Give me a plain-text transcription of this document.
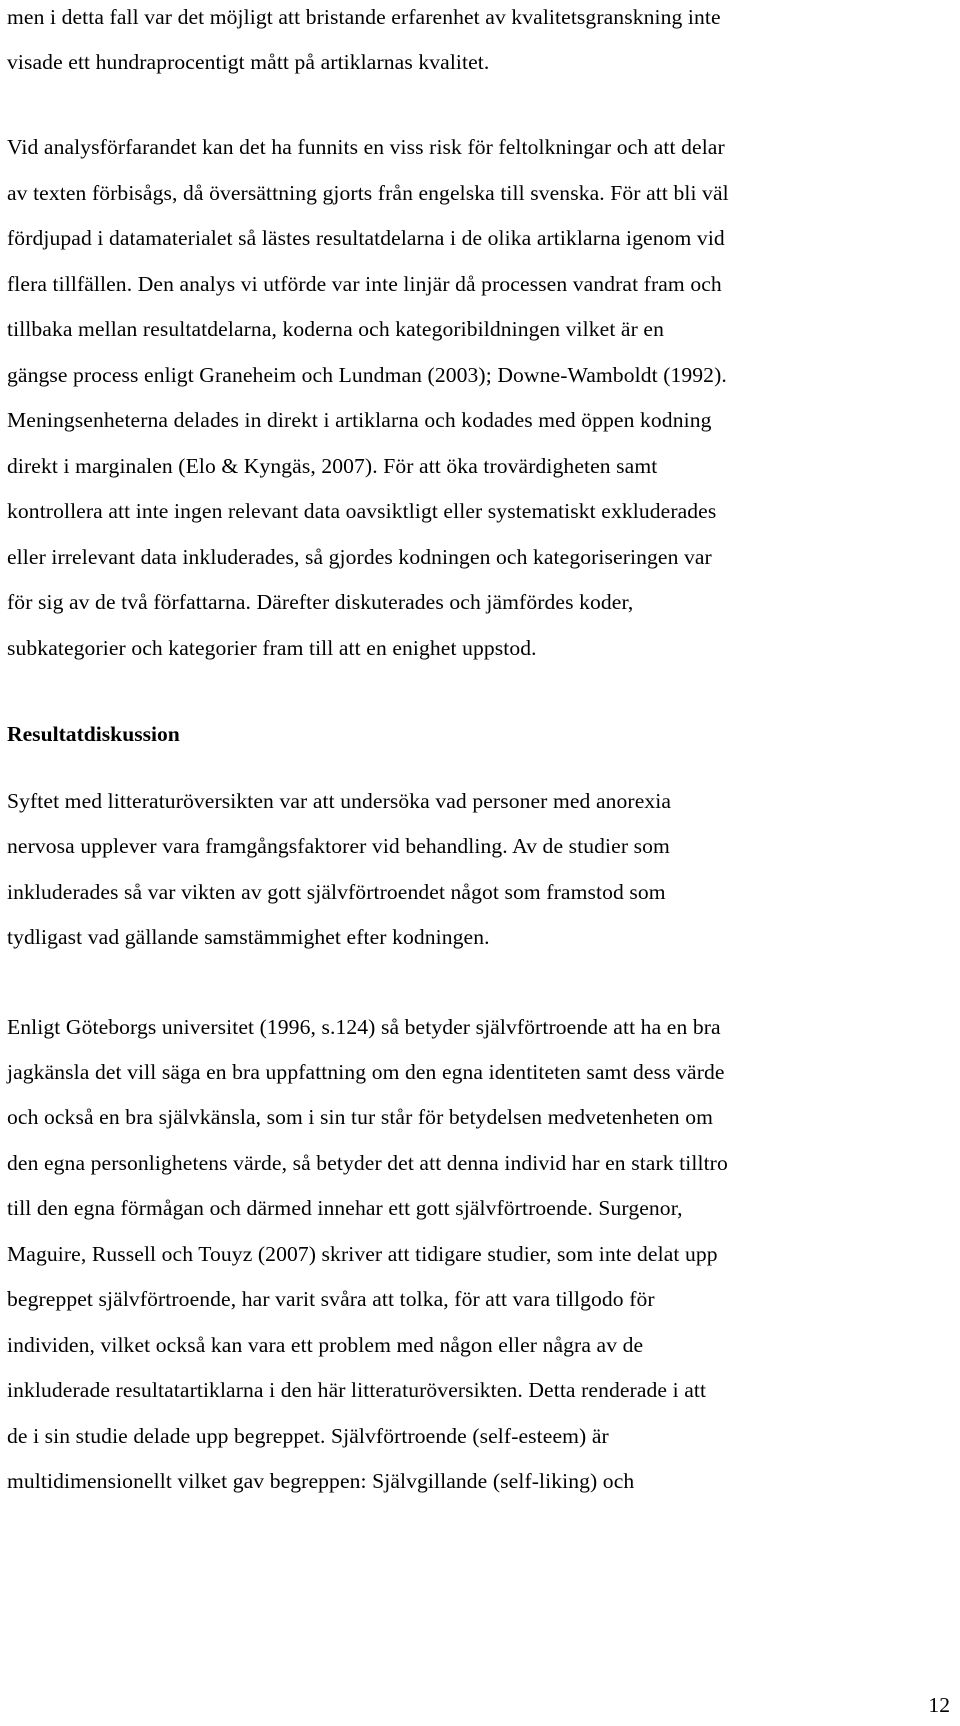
men i detta fall var det möjligt att bristande erfarenhet av kvalitetsgranskning inte
visade ett hundraprocentigt mått på artiklarnas kvalitet.
Vid analysförfarandet kan det ha funnits en viss risk för feltolkningar och att delar
av texten förbisågs, då översättning gjorts från engelska till svenska. För att bli väl
fördjupad i datamaterialet så lästes resultatdelarna i de olika artiklarna igenom vid
flera tillfällen. Den analys vi utförde var inte linjär då processen vandrat fram och
tillbaka mellan resultatdelarna, koderna och kategoribildningen vilket är en
gängse process enligt Graneheim och Lundman (2003); Downe-Wamboldt (1992).
Meningsenheterna delades in direkt i artiklarna och kodades med öppen kodning
direkt i marginalen (Elo & Kyngäs, 2007). För att öka trovärdigheten samt
kontrollera att inte ingen relevant data oavsiktligt eller systematiskt exkluderades
eller irrelevant data inkluderades, så gjordes kodningen och kategoriseringen var
för sig av de två författarna. Därefter diskuterades och jämfördes koder,
subkategorier och kategorier fram till att en enighet uppstod.
Resultatdiskussion
Syftet med litteraturöversikten var att undersöka vad personer med anorexia
nervosa upplever vara framgångsfaktorer vid behandling. Av de studier som
inkluderades så var vikten av gott självförtroendet något som framstod som
tydligast vad gällande samstämmighet efter kodningen.
Enligt Göteborgs universitet (1996, s.124) så betyder självförtroende att ha en bra
jagkänsla det vill säga en bra uppfattning om den egna identiteten samt dess värde
och också en bra självkänsla, som i sin tur står för betydelsen medvetenheten om
den egna personlighetens värde, så betyder det att denna individ har en stark tilltro
till den egna förmågan och därmed innehar ett gott självförtroende. Surgenor,
Maguire, Russell och Touyz (2007) skriver att tidigare studier, som inte delat upp
begreppet självförtroende, har varit svåra att tolka, för att vara tillgodo för
individen, vilket också kan vara ett problem med någon eller några av de
inkluderade resultatartiklarna i den här litteraturöversikten. Detta renderade i att
de i sin studie delade upp begreppet. Självförtroende (self-esteem) är
multidimensionellt vilket gav begreppen: Självgillande (self-liking) och
12
